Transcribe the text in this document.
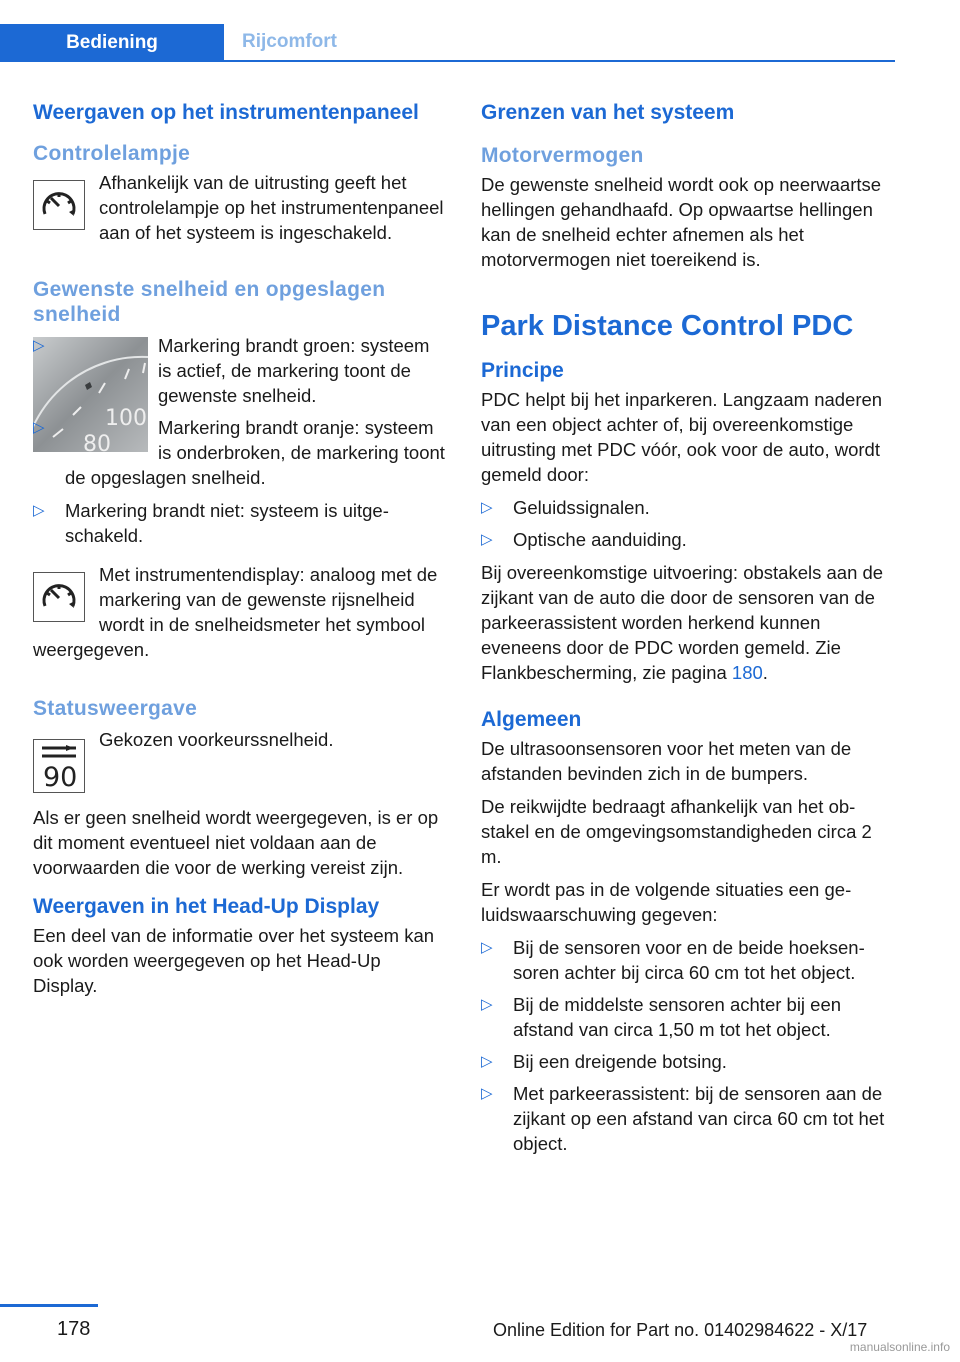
Bediening	Rijcomfort
Weergaven op het instrumentenpaneel
Controlelampje

Afhankelijk van de uitrusting geeft het controlelampje op het instrumentenpaneel aan of het systeem is ingeschakeld.

Gewenste snelheid en opgeslagen snelheid
100
80
▷	Markering brandt groen: systeem is actief, de markering toont de gewenste snelheid.
▷	Markering brandt oranje: systeem is onderbroken, de markering toont de opgeslagen snelheid.
▷ Markering brandt niet: systeem is uitgeschakeld.

Met instrumentendisplay: analoog met de markering van de gewenste rijsnelheid wordt in de snelheidsmeter het symbool weergegeven.

Statusweergave
90

Gekozen voorkeurssnelheid.

Als er geen snelheid wordt weergegeven, is er op dit moment eventueel niet voldaan aan de voorwaarden die voor de werking vereist zijn.

Weergaven in het Head-Up Display

Een deel van de informatie over het systeem kan ook worden weergegeven op het Head-Up Display.

Grenzen van het systeem
Motorvermogen

De gewenste snelheid wordt ook op neerwaartse hellingen gehandhaafd. Op opwaartse hellingen kan de snelheid echter afnemen als het motorvermogen niet toereikend is.

Park Distance Control PDC
Principe

PDC helpt bij het inparkeren. Langzaam naderen van een object achter of, bij overeenkomstige uitrusting met PDC vóór, ook voor de auto, wordt gemeld door:

▷ Geluidssignalen.
▷ Optische aanduiding.

Bij overeenkomstige uitvoering: obstakels aan de zijkant van de auto die door de sensoren van de parkeerassistent worden herkend kunnen eveneens door de PDC worden gemeld. Zie Flankbescherming, zie pagina 180.

Algemeen

De ultrasoonsensoren voor het meten van de afstanden bevinden zich in de bumpers.

De reikwijdte bedraagt afhankelijk van het obstakel en de omgevingsomstandigheden circa 2 m.

Er wordt pas in de volgende situaties een geluidswaarschuwing gegeven:

▷ Bij de sensoren voor en de beide hoeksensoren achter bij circa 60 cm tot het object.
▷ Bij de middelste sensoren achter bij een afstand van circa 1,50 m tot het object.
▷ Bij een dreigende botsing.
▷ Met parkeerassistent: bij de sensoren aan de zijkant op een afstand van circa 60 cm tot het object.
178	Online Edition for Part no. 01402984622 - X/17
manualsonline.info
